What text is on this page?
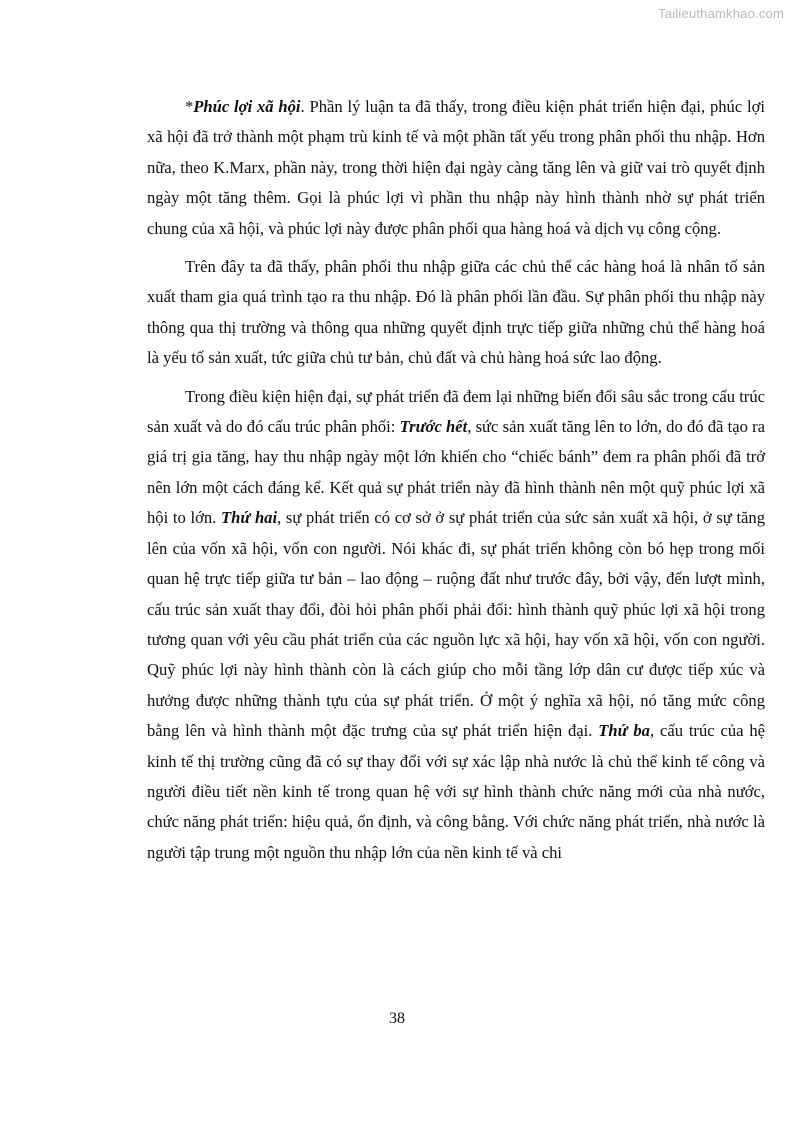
Tailieuthamkhao.com

*Phúc lợi xã hội. Phần lý luận ta đã thấy, trong điều kiện phát triển hiện đại, phúc lợi xã hội đã trở thành một phạm trù kinh tế và một phần tất yếu trong phân phối thu nhập. Hơn nữa, theo K.Marx, phần này, trong thời hiện đại ngày càng tăng lên và giữ vai trò quyết định ngày một tăng thêm. Gọi là phúc lợi vì phần thu nhập này hình thành nhờ sự phát triển chung của xã hội, và phúc lợi này được phân phối qua hàng hoá và dịch vụ công cộng.

Trên đây ta đã thấy, phân phối thu nhập giữa các chủ thể các hàng hoá là nhân tố sản xuất tham gia quá trình tạo ra thu nhập. Đó là phân phối lần đầu. Sự phân phối thu nhập này thông qua thị trường và thông qua những quyết định trực tiếp giữa những chủ thể hàng hoá là yếu tố sản xuất, tức giữa chủ tư bản, chủ đất và chủ hàng hoá sức lao động.

Trong điều kiện hiện đại, sự phát triển đã đem lại những biến đổi sâu sắc trong cấu trúc sản xuất và do đó cấu trúc phân phối: Trước hết, sức sản xuất tăng lên to lớn, do đó đã tạo ra giá trị gia tăng, hay thu nhập ngày một lớn khiến cho “chiếc bánh” đem ra phân phối đã trở nên lớn một cách đáng kể. Kết quả sự phát triển này đã hình thành nên một quỹ phúc lợi xã hội to lớn. Thứ hai, sự phát triển có cơ sở ở sự phát triển của sức sản xuất xã hội, ở sự tăng lên của vốn xã hội, vốn con người. Nói khác đi, sự phát triển không còn bó hẹp trong mối quan hệ trực tiếp giữa tư bản – lao động – ruộng đất như trước đây, bởi vậy, đến lượt mình, cấu trúc sản xuất thay đổi, đòi hỏi phân phối phải đổi: hình thành quỹ phúc lợi xã hội trong tương quan với yêu cầu phát triển của các nguồn lực xã hội, hay vốn xã hội, vốn con người. Quỹ phúc lợi này hình thành còn là cách giúp cho mỗi tầng lớp dân cư được tiếp xúc và hưởng được những thành tựu của sự phát triển. Ở một ý nghĩa xã hội, nó tăng mức công bằng lên và hình thành một đặc trưng của sự phát triển hiện đại. Thứ ba, cấu trúc của hệ kinh tế thị trường cũng đã có sự thay đổi với sự xác lập nhà nước là chủ thể kinh tế công và người điều tiết nền kinh tế trong quan hệ với sự hình thành chức năng mới của nhà nước, chức năng phát triển: hiệu quả, ổn định, và công bằng. Với chức năng phát triển, nhà nước là người tập trung một nguồn thu nhập lớn của nền kinh tế và chi

38
